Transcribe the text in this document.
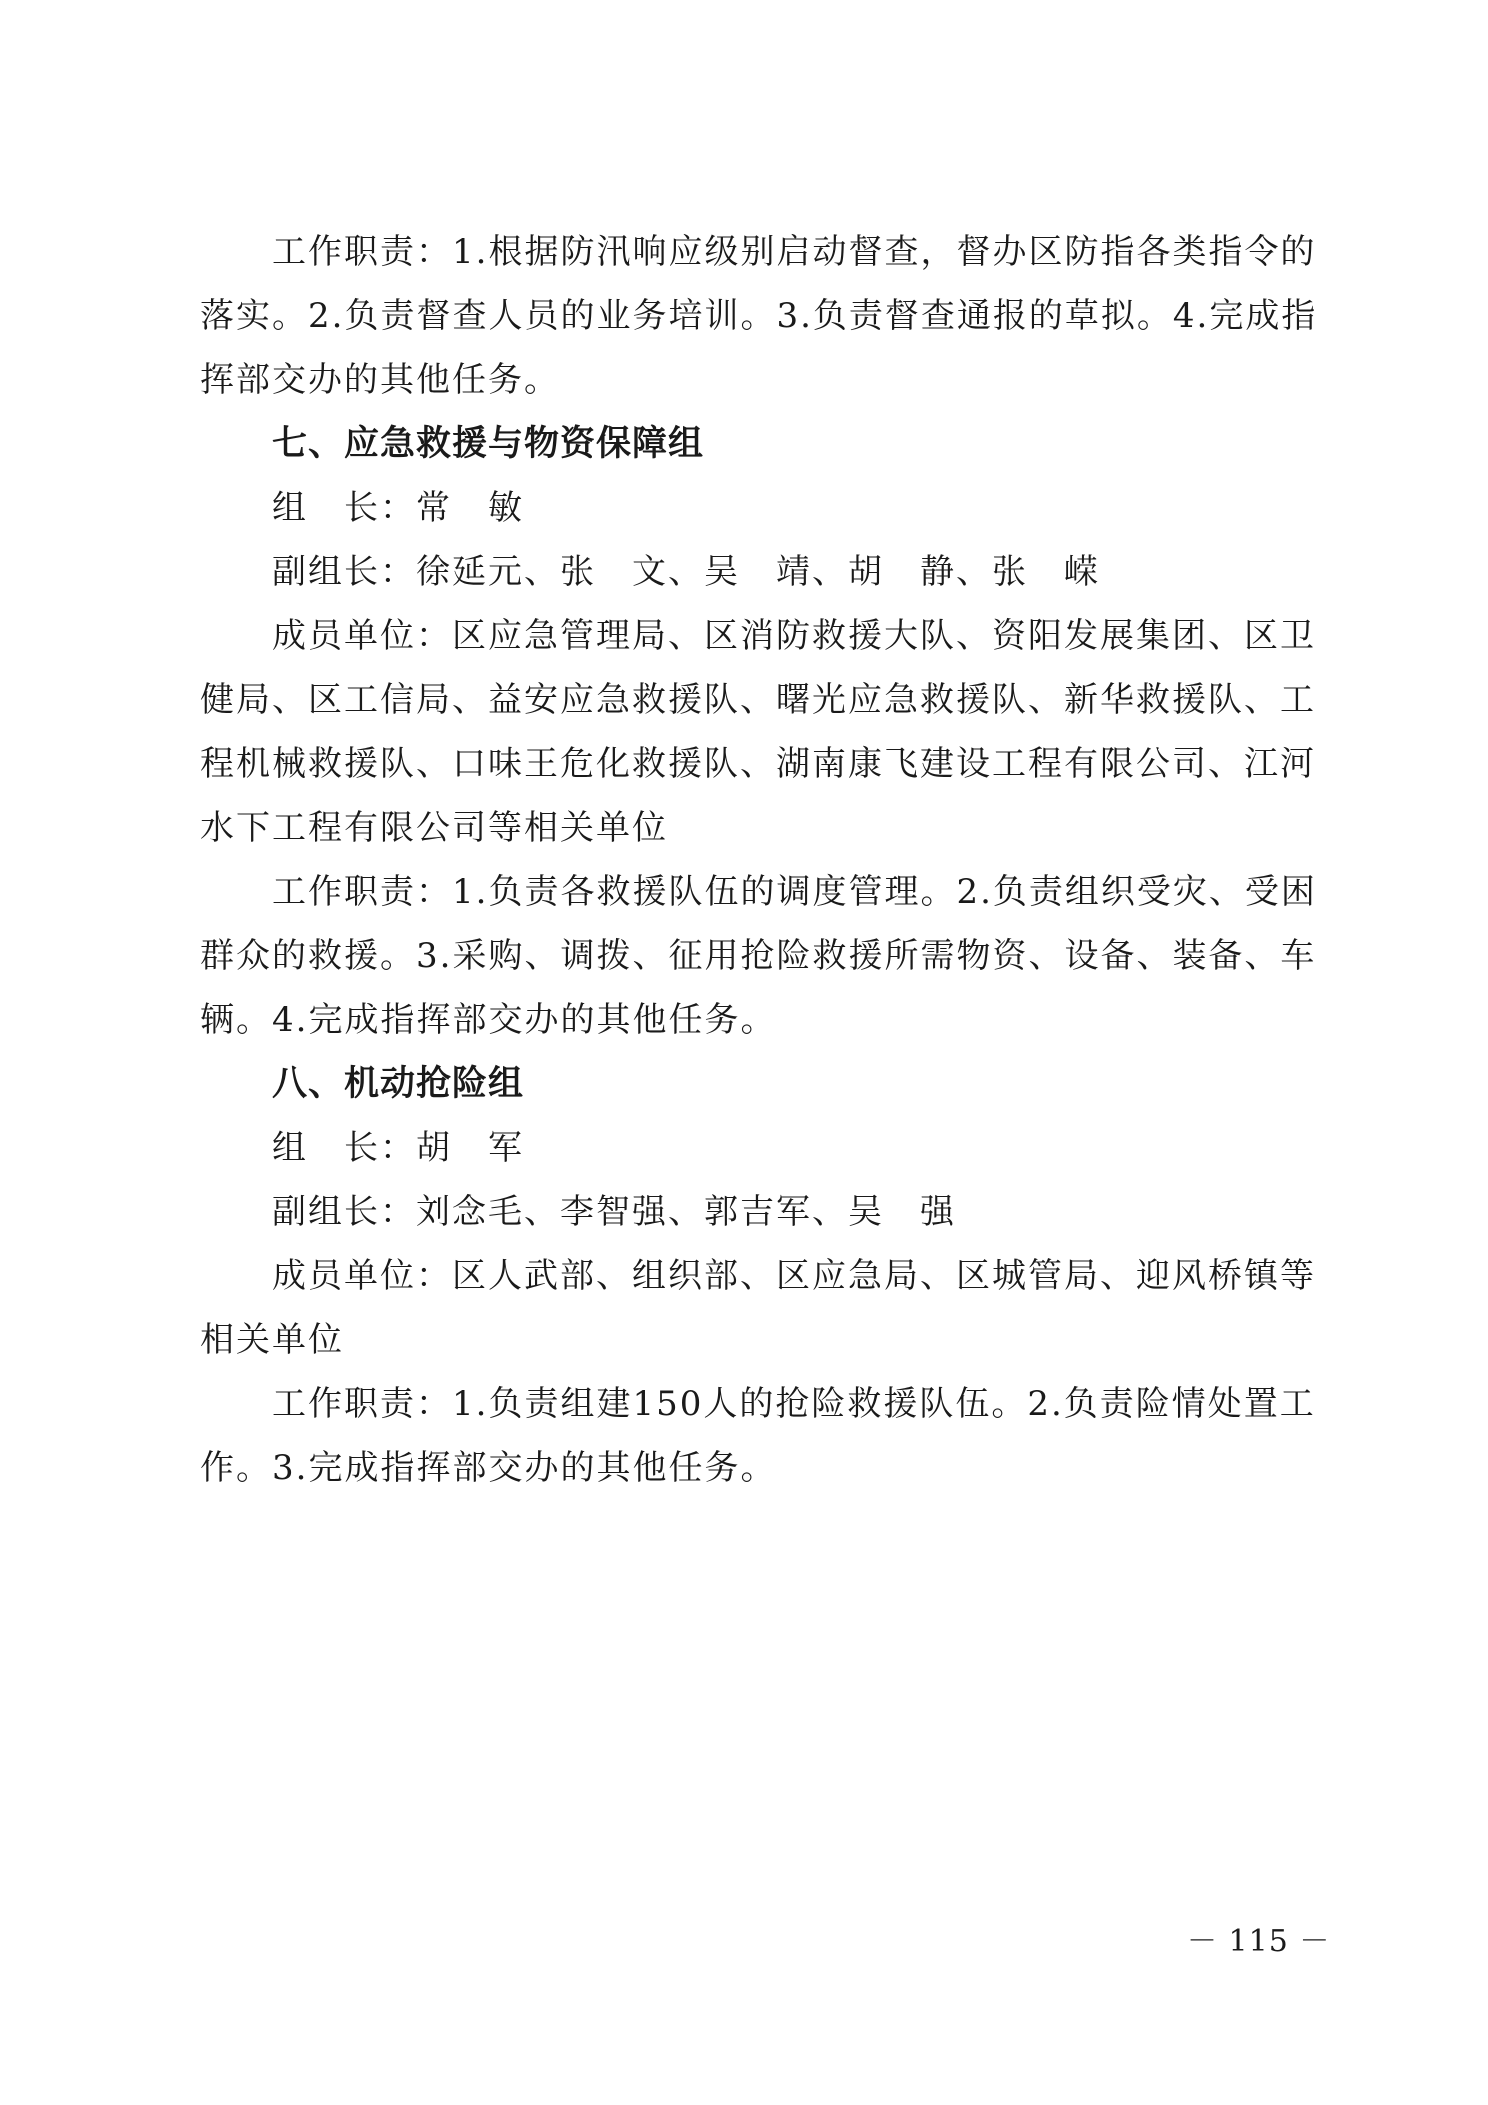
工作职责：1.根据防汛响应级别启动督查，督办区防指各类指令的
落实。2.负责督查人员的业务培训。3.负责督查通报的草拟。4.完成指
挥部交办的其他任务。
七、应急救援与物资保障组
组　长：常　敏
副组长：徐延元、张　文、吴　靖、胡　静、张　嵘
成员单位：区应急管理局、区消防救援大队、资阳发展集团、区卫
健局、区工信局、益安应急救援队、曙光应急救援队、新华救援队、工
程机械救援队、口味王危化救援队、湖南康飞建设工程有限公司、江河
水下工程有限公司等相关单位
工作职责：1.负责各救援队伍的调度管理。2.负责组织受灾、受困
群众的救援。3.采购、调拨、征用抢险救援所需物资、设备、装备、车
辆。4.完成指挥部交办的其他任务。
八、机动抢险组
组　长：胡　军
副组长：刘念毛、李智强、郭吉军、吴　强
成员单位：区人武部、组织部、区应急局、区城管局、迎风桥镇等
相关单位
工作职责：1.负责组建150人的抢险救援队伍。2.负责险情处置工
作。3.完成指挥部交办的其他任务。
－ 115 －
